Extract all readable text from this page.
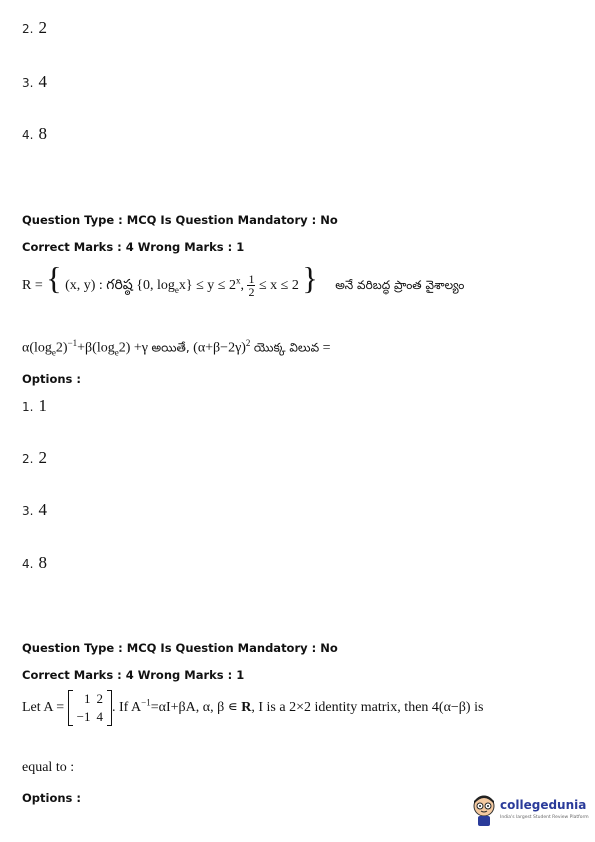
2. 2
3. 4
4. 8
Question Type : MCQ Is Question Mandatory : No
Correct Marks : 4 Wrong Marks : 1
R = { (x, y) : గరిష్ఠ {0, $\log_ex\} \le y \le 2^x$, $\frac{1}{2} \le x \le 2$ } అనే వరిబద్ధ ప్రాంత వైశాల్యం
$\alpha(\log_e2)^{-1}+\beta(\log_e2) +\gamma$ అయితే, $(\alpha+\beta-2\gamma)^2$ యొక్క విలువ =
Options :
1. 1
2. 2
3. 4
4. 8
Question Type : MCQ Is Question Mandatory : No
Correct Marks : 4 Wrong Marks : 1
Let A =
1	2
−1	4
. If $A^{-1}=\alpha I+\beta A$, α, β ∊ R, I is a 2×2 identity matrix, then 4(α−β) is
equal to :
Options :	collegedunia
India's largest Student Review Platform
